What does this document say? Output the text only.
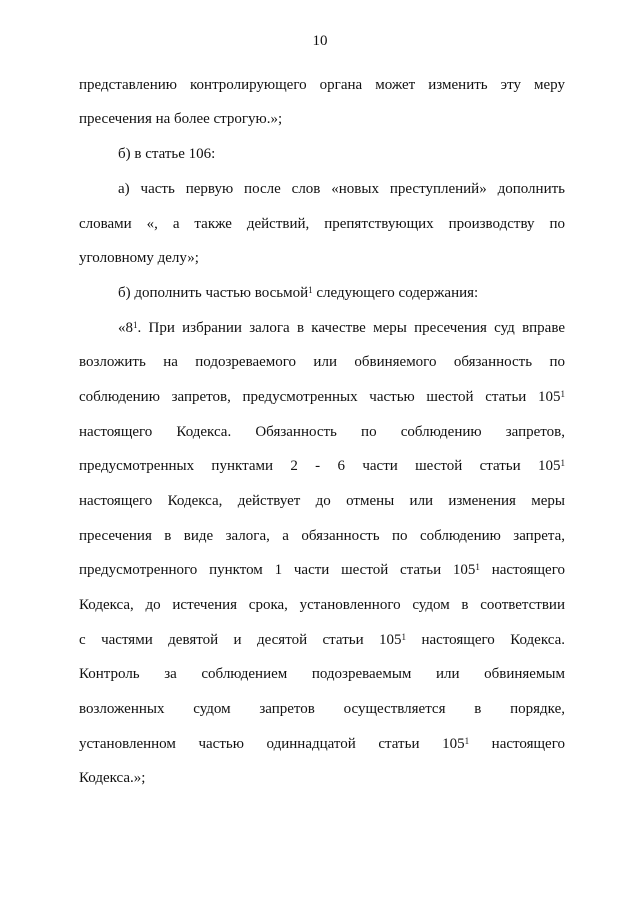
10
представлению контролирующего органа может изменить эту меру
пресечения на более строгую.»;
б) в статье 106:
а) часть первую после слов «новых преступлений» дополнить
словами «, а также действий, препятствующих производству по
уголовному делу»;
б) дополнить частью восьмой$^1$ следующего содержания:
«$8^1$. При избрании залога в качестве меры пресечения суд вправе
возложить на подозреваемого или обвиняемого обязанность по
соблюдению запретов, предусмотренных частью шестой статьи $105^1$
настоящего Кодекса. Обязанность по соблюдению запретов,
предусмотренных пунктами 2 - 6 части шестой статьи $105^1$
настоящего Кодекса, действует до отмены или изменения меры
пресечения в виде залога, а обязанность по соблюдению запрета,
предусмотренного пунктом 1 части шестой статьи $105^1$ настоящего
Кодекса, до истечения срока, установленного судом в соответствии
с частями девятой и десятой статьи $105^1$ настоящего Кодекса.
Контроль за соблюдением подозреваемым или обвиняемым
возложенных судом запретов осуществляется в порядке,
установленном частью одиннадцатой статьи $105^1$ настоящего
Кодекса.»;
